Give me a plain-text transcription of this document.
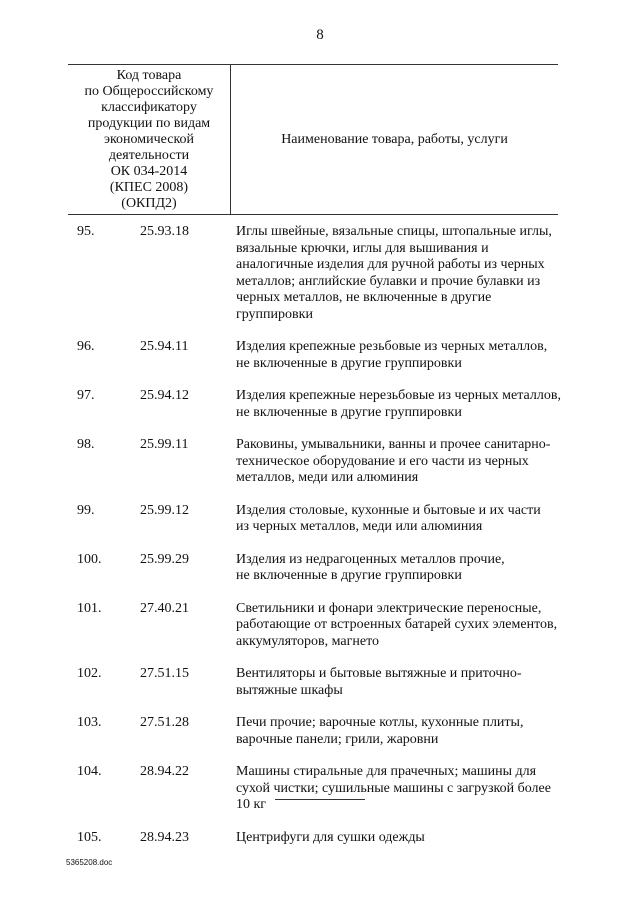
8
Код товара
по Общероссийскому
классификатору
продукции по видам
экономической
деятельности
ОК 034-2014
(КПЕС 2008)
(ОКПД2)
Наименование товара, работы, услуги
95.	25.93.18	Иглы швейные, вязальные спицы, штопальные иглы,
вязальные крючки, иглы для вышивания и
аналогичные изделия для ручной работы из черных
металлов; английские булавки и прочие булавки из
черных металлов, не включенные в другие
группировки
96.	25.94.11	Изделия крепежные резьбовые из черных металлов,
не включенные в другие группировки
97.	25.94.12	Изделия крепежные нерезьбовые из черных металлов,
не включенные в другие группировки
98.	25.99.11	Раковины, умывальники, ванны и прочее санитарно-
техническое оборудование и его части из черных
металлов, меди или алюминия
99.	25.99.12	Изделия столовые, кухонные и бытовые и их части
из черных металлов, меди или алюминия
100.	25.99.29	Изделия из недрагоценных металлов прочие,
не включенные в другие группировки
101.	27.40.21	Светильники и фонари электрические переносные,
работающие от встроенных батарей сухих элементов,
аккумуляторов, магнето
102.	27.51.15	Вентиляторы и бытовые вытяжные и приточно-
вытяжные шкафы
103.	27.51.28	Печи прочие; варочные котлы, кухонные плиты,
варочные панели; грили, жаровни
104.	28.94.22	Машины стиральные для прачечных; машины для
сухой чистки; сушильные машины с загрузкой более
10 кг
105.	28.94.23	Центрифуги для сушки одежды
5365208.doc
